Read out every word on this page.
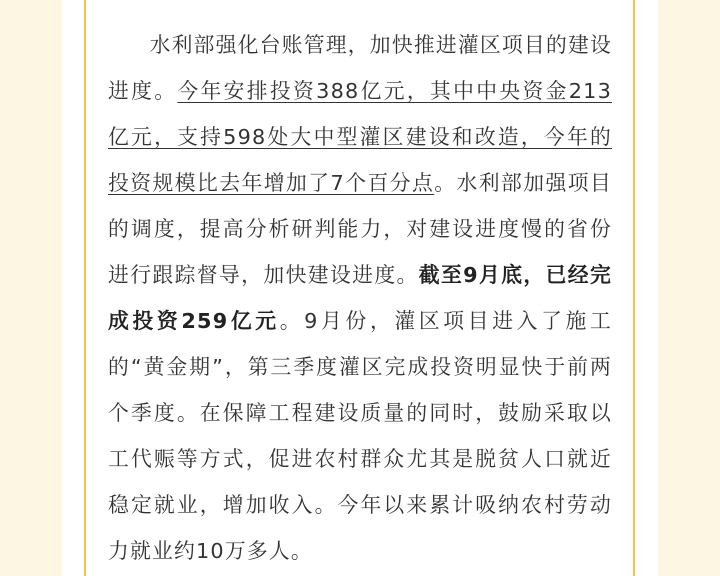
水利部强化台账管理，加快推进灌区项目的建设进度。今年安排投资388亿元，其中中央资金213亿元，支持598处大中型灌区建设和改造，今年的投资规模比去年增加了7个百分点。水利部加强项目的调度，提高分析研判能力，对建设进度慢的省份进行跟踪督导，加快建设进度。截至9月底，已经完成投资259亿元。9月份，灌区项目进入了施工的“黄金期”，第三季度灌区完成投资明显快于前两个季度。在保障工程建设质量的同时，鼓励采取以工代赈等方式，促进农村群众尤其是脱贫人口就近稳定就业，增加收入。今年以来累计吸纳农村劳动力就业约10万多人。
